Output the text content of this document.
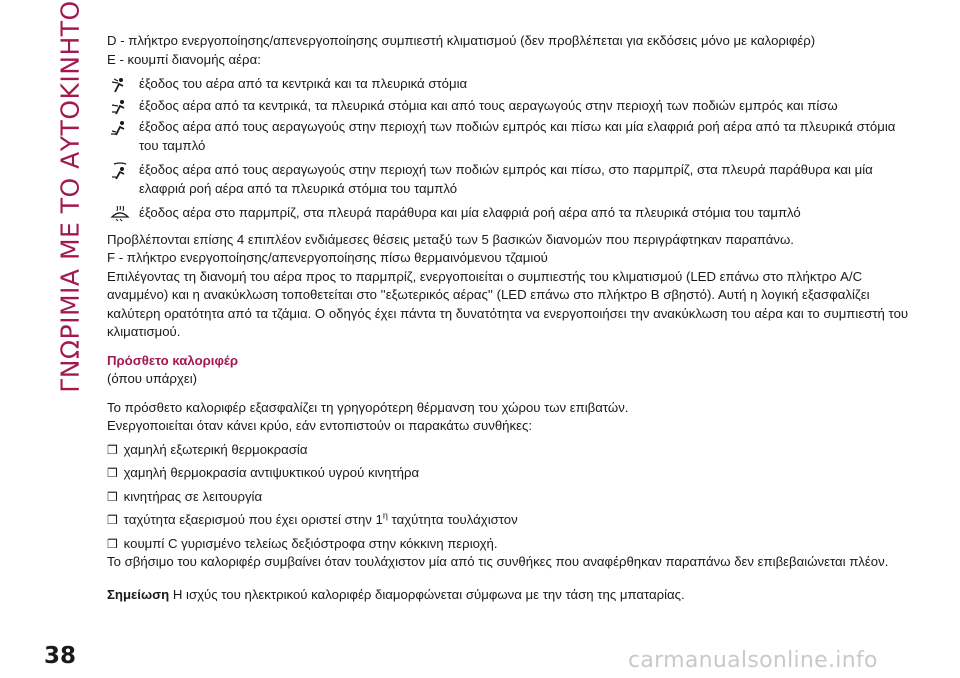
ΓΝΩΡΙΜΙΑ ΜΕ ΤΟ ΑΥΤΟΚΙΝΗΤΟ D - πλήκτρο ενεργοποίησης/απενεργοποίησης συμπιεστή κλιματισμού (δεν προβλέπεται για εκδόσεις μόνο με καλοριφέρ)

E - κουμπί διανομής αέρα:

έξοδος του αέρα από τα κεντρικά και τα πλευρικά στόμια

έξοδος αέρα από τα κεντρικά, τα πλευρικά στόμια και από τους αεραγωγούς στην περιοχή των ποδιών εμπρός και πίσω

έξοδος αέρα από τους αεραγωγούς στην περιοχή των ποδιών εμπρός και πίσω και μία ελαφριά ροή αέρα από τα πλευρικά στόμια του ταμπλό

έξοδος αέρα από τους αεραγωγούς στην περιοχή των ποδιών εμπρός και πίσω, στο παρμπρίζ, στα πλευρά παράθυρα και μία ελαφριά ροή αέρα από τα πλευρικά στόμια του ταμπλό

έξοδος αέρα στο παρμπρίζ, στα πλευρά παράθυρα και μία ελαφριά ροή αέρα από τα πλευρικά στόμια του ταμπλό

Προβλέπονται επίσης 4 επιπλέον ενδιάμεσες θέσεις μεταξύ των 5 βασικών διανομών που περιγράφτηκαν παραπάνω.

F - πλήκτρο ενεργοποίησης/απενεργοποίησης πίσω θερμαινόμενου τζαμιού

Επιλέγοντας τη διανομή του αέρα προς το παρμπρίζ, ενεργοποιείται ο συμπιεστής του κλιματισμού (LED επάνω στο πλήκτρο A/C αναμμένο) και η ανακύκλωση τοποθετείται στο ''εξωτερικός αέρας'' (LED επάνω στο πλήκτρο B σβηστό). Αυτή η λογική εξασφαλίζει καλύτερη ορατότητα από τα τζάμια. Ο οδηγός έχει πάντα τη δυνατότητα να ενεργοποιήσει την ανακύκλωση του αέρα και το συμπιεστή του κλιματισμού.

Πρόσθετο καλοριφέρ

(όπου υπάρχει)

Το πρόσθετο καλοριφέρ εξασφαλίζει τη γρηγορότερη θέρμανση του χώρου των επιβατών.

Ενεργοποιείται όταν κάνει κρύο, εάν εντοπιστούν οι παρακάτω συνθήκες:

❒ χαμηλή εξωτερική θερμοκρασία

❒ χαμηλή θερμοκρασία αντιψυκτικού υγρού κινητήρα

❒ κινητήρας σε λειτουργία

❒ ταχύτητα εξαερισμού που έχει οριστεί στην $1^\eta$ ταχύτητα τουλάχιστον

❒ κουμπί C γυρισμένο τελείως δεξιόστροφα στην κόκκινη περιοχή.

Το σβήσιμο του καλοριφέρ συμβαίνει όταν τουλάχιστον μία από τις συνθήκες που αναφέρθηκαν παραπάνω δεν επιβεβαιώνεται πλέον.

Σημείωση Η ισχύς του ηλεκτρικού καλοριφέρ διαμορφώνεται σύμφωνα με την τάση της μπαταρίας.

38	carmanualsonline.info
